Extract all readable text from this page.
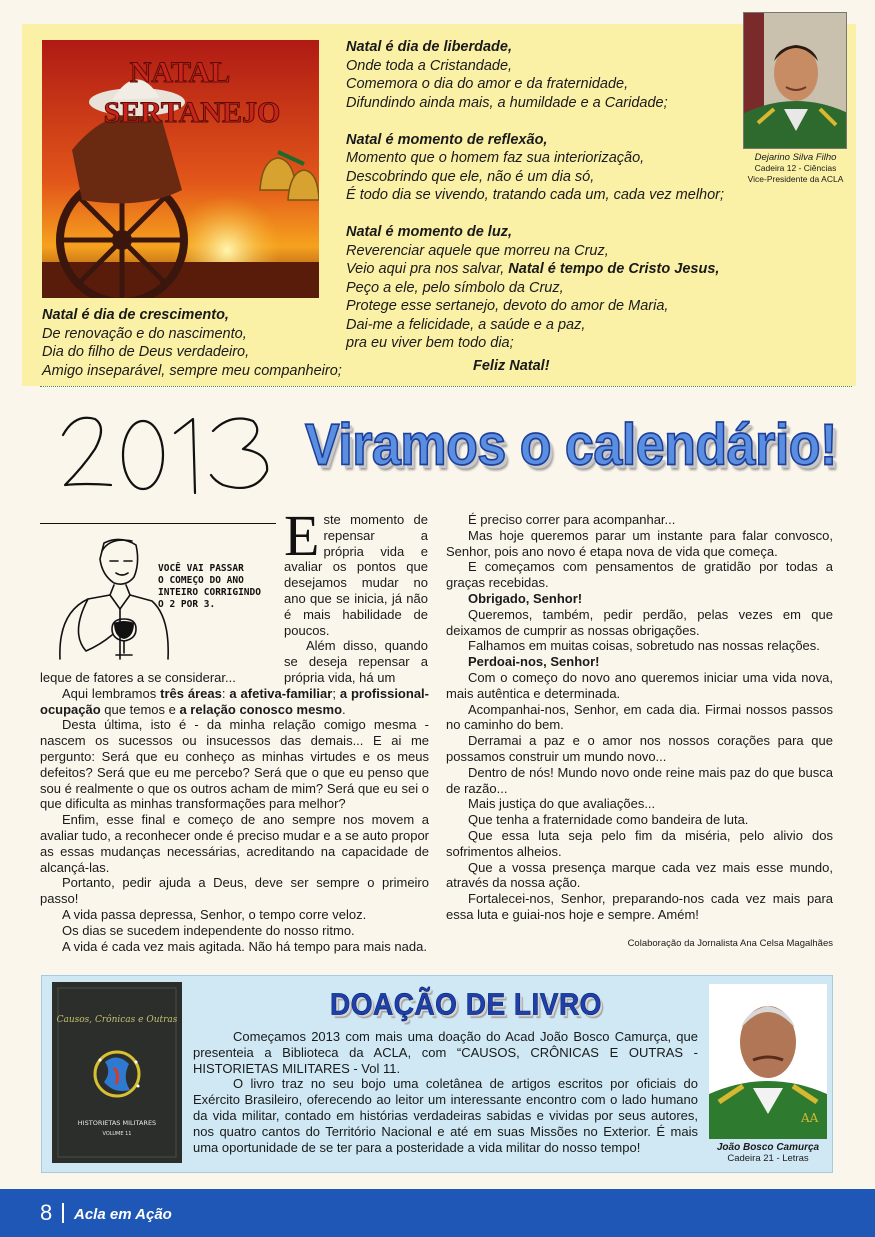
NATAL
SERTANEJO
Natal é dia de liberdade,
Onde toda a Cristandade,
Comemora o dia do amor e da fraternidade,
Difundindo ainda mais, a humildade e a Caridade;
Natal é momento de reflexão,
Momento que o homem faz sua interiorização,
Descobrindo que ele, não é um dia só,
É todo dia se vivendo, tratando cada um, cada vez melhor;
Natal é momento de luz,
Reverenciar aquele que morreu na Cruz,
Veio aqui pra nos salvar, Natal é tempo de Cristo Jesus,
Peço a ele, pelo símbolo da Cruz,
Protege esse sertanejo, devoto do amor de Maria,
Dai-me a felicidade, a saúde e a paz,
pra eu viver bem todo dia;
Feliz Natal!
Natal é dia de crescimento,
De renovação e do nascimento,
Dia do filho de Deus verdadeiro,
Amigo inseparável, sempre meu companheiro;
Dejarino Silva Filho
Cadeira 12 - Ciências
Vice-Presidente da ACLA
2013
Viramos o calendário!
VOCÊ VAI PASSAR
O COMEÇO DO ANO
INTEIRO CORRIGINDO
O 2 POR 3.
E ste momento de repensar a própria vida e avaliar os pontos que desejamos mudar no ano que se inicia, já não é mais habilidade de poucos.

Além disso, quando se deseja repensar a própria vida, há um

leque de fatores a se considerar...

Aqui lembramos três áreas: a afetiva-familiar; a profissional-ocupação que temos e a relação conosco mesmo.

Desta última, isto é - da minha relação comigo mesma - nascem os sucessos ou insucessos das demais... E ai me pergunto: Será que eu conheço as minhas virtudes e os meus defeitos? Será que eu me percebo? Será que o que eu penso que sou é realmente o que os outros acham de mim? Será que eu sei o que dificulta as minhas transformações para melhor?

Enfim, esse final e começo de ano sempre nos movem a avaliar tudo, a reconhecer onde é preciso mudar e a se auto propor as essas mudanças necessárias, acreditando na capacidade de alcançá-las.

Portanto, pedir ajuda a Deus, deve ser sempre o primeiro passo!

A vida passa depressa, Senhor, o tempo corre veloz.

Os dias se sucedem independente do nosso ritmo.

A vida é cada vez mais agitada. Não há tempo para mais nada.

É preciso correr para acompanhar...

Mas hoje queremos parar um instante para falar convosco, Senhor, pois ano novo é etapa nova de vida que começa.

E começamos com pensamentos de gratidão por todas a graças recebidas.

Obrigado, Senhor!

Queremos, também, pedir perdão, pelas vezes em que deixamos de cumprir as nossas obrigações.

Falhamos em muitas coisas, sobretudo nas nossas relações.

Perdoai-nos, Senhor!

Com o começo do novo ano queremos iniciar uma vida nova, mais autêntica e determinada.

Acompanhai-nos, Senhor, em cada dia. Firmai nossos passos no caminho do bem.

Derramai a paz e o amor nos nossos corações para que possamos construir um mundo novo...

Dentro de nós! Mundo novo onde reine mais paz do que busca de razão...

Mais justiça do que avaliações...

Que tenha a fraternidade como bandeira de luta.

Que essa luta seja pelo fim da miséria, pelo alivio dos sofrimentos alheios.

Que a vossa presença marque cada vez mais esse mundo, através da nossa ação.

Fortalecei-nos, Senhor, preparando-nos cada vez mais para essa luta e guiai-nos hoje e sempre. Amém!

Colaboração da Jornalista Ana Celsa Magalhães
Causos, Crônicas e Outras
HISTORIETAS MILITARES
VOLUME 11
DOAÇÃO DE LIVRO

Começamos 2013 com mais uma doação do Acad João Bosco Camurça, que presenteia a Biblioteca da ACLA, com “CAUSOS, CRÔNICAS E OUTRAS - HISTORIETAS MILITARES - Vol 11.

O livro traz no seu bojo uma coletânea de artigos escritos por oficiais do Exército Brasileiro, oferecendo ao leitor um interessante encontro com o lado humano da vida militar, contado em histórias verdadeiras sabidas e vividas por seus autores, nos quatro cantos do Território Nacional e até em suas Missões no Exterior. É mais uma oportunidade de se ter para a posteridade a vida militar do nosso tempo!

AA
João Bosco Camurça
Cadeira 21 - Letras
8 Acla em Ação
